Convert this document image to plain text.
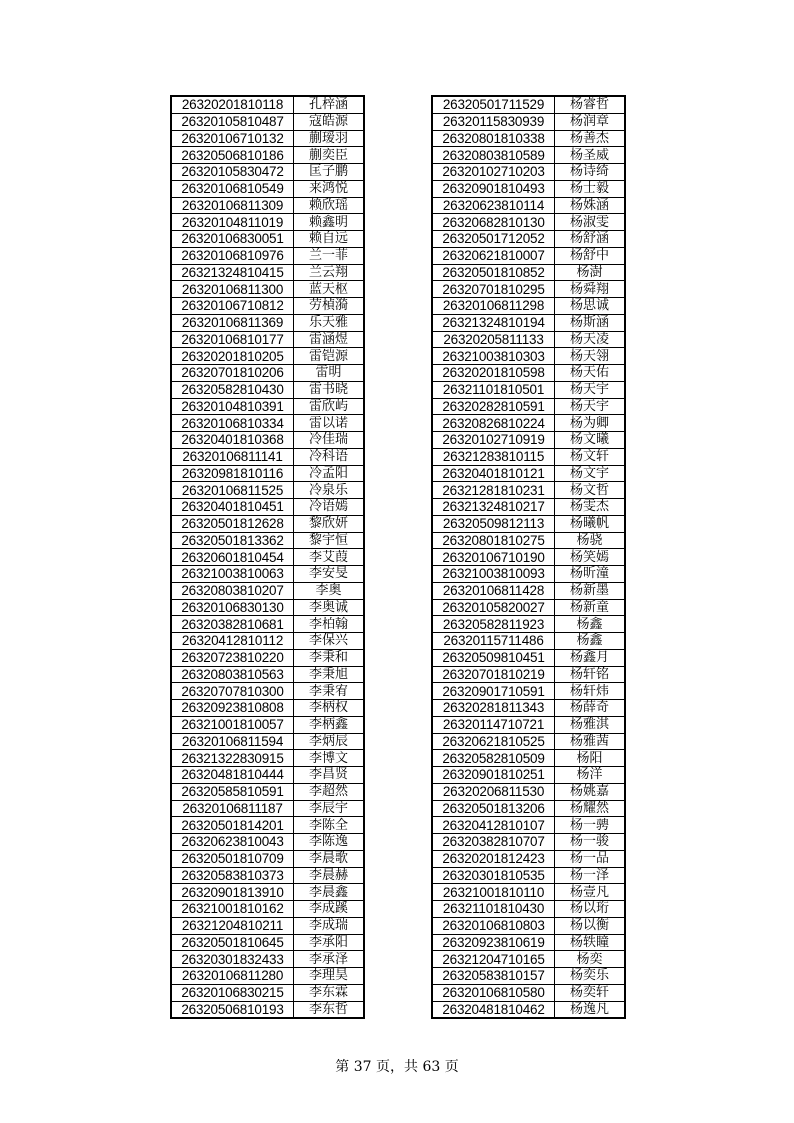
26320201810118	孔梓涵
26320105810487	寇皓源
26320106710132	蒯瑷羽
26320506810186	蒯奕臣
26320105830472	匡子鹏
26320106810549	来鸿悦
26320106811309	赖欣瑶
26320104811019	赖鑫明
26320106830051	赖自远
26320106810976	兰一菲
26321324810415	兰云翔
26320106811300	蓝天枢
26320106710812	劳楨漪
26320106811369	乐天雅
26320106810177	雷涵煜
26320201810205	雷铠源
26320701810206	雷明
26320582810430	雷书晓
26320104810391	雷欣屿
26320106810334	雷以诺
26320401810368	冷佳瑞
26320106811141	冷科语
26320981810116	冷孟阳
26320106811525	冷泉乐
26320401810451	冷语嫣
26320501812628	黎欣妍
26320501813362	黎宇恒
26320601810454	李艾葭
26321003810063	李安旻
26320803810207	李奥
26320106830130	李奥诚
26320382810681	李柏翰
26320412810112	李保兴
26320723810220	李秉和
26320803810563	李秉旭
26320707810300	李秉宥
26320923810808	李柄权
26321001810057	李柄鑫
26320106811594	李炳辰
26321322830915	李博文
26320481810444	李昌贤
26320585810591	李超然
26320106811187	李辰宇
26320501814201	李陈全
26320623810043	李陈逸
26320501810709	李晨歌
26320583810373	李晨赫
26320901813910	李晨鑫
26321001810162	李成蹊
26321204810211	李成瑞
26320501810645	李承阳
26320301832433	李承泽
26320106811280	李理昊
26320106830215	李东霖
26320506810193	李东哲
26320501711529	杨睿哲
26320115830939	杨润章
26320801810338	杨善杰
26320803810589	杨圣威
26320102710203	杨诗绮
26320901810493	杨士毅
26320623810114	杨姝涵
26320682810130	杨淑雯
26320501712052	杨舒涵
26320621810007	杨舒中
26320501810852	杨澍
26320701810295	杨舜翔
26320106811298	杨思诚
26321324810194	杨斯涵
26320205811133	杨天凌
26321003810303	杨天翎
26320201810598	杨天佑
26321101810501	杨天宇
26320282810591	杨天宇
26320826810224	杨为卿
26320102710919	杨文曦
26321283810115	杨文轩
26320401810121	杨文宇
26321281810231	杨文哲
26321324810217	杨雯杰
26320509812113	杨曦帆
26320801810275	杨骁
26320106710190	杨笑嫣
26321003810093	杨昕潼
26320106811428	杨新墨
26320105820027	杨新童
26320582811923	杨鑫
26320115711486	杨鑫
26320509810451	杨鑫月
26320701810219	杨轩铭
26320901710591	杨轩炜
26320281811343	杨薛奇
26320114710721	杨雅淇
26320621810525	杨雅茜
26320582810509	杨阳
26320901810251	杨洋
26320206811530	杨姚嘉
26320501813206	杨耀然
26320412810107	杨一骋
26320382810707	杨一骏
26320201812423	杨一品
26320301810535	杨一泽
26321001810110	杨壹凡
26321101810430	杨以珩
26320106810803	杨以衡
26320923810619	杨轶瞳
26321204710165	杨奕
26320583810157	杨奕乐
26320106810580	杨奕轩
26320481810462	杨逸凡
第 37 页，共 63 页
